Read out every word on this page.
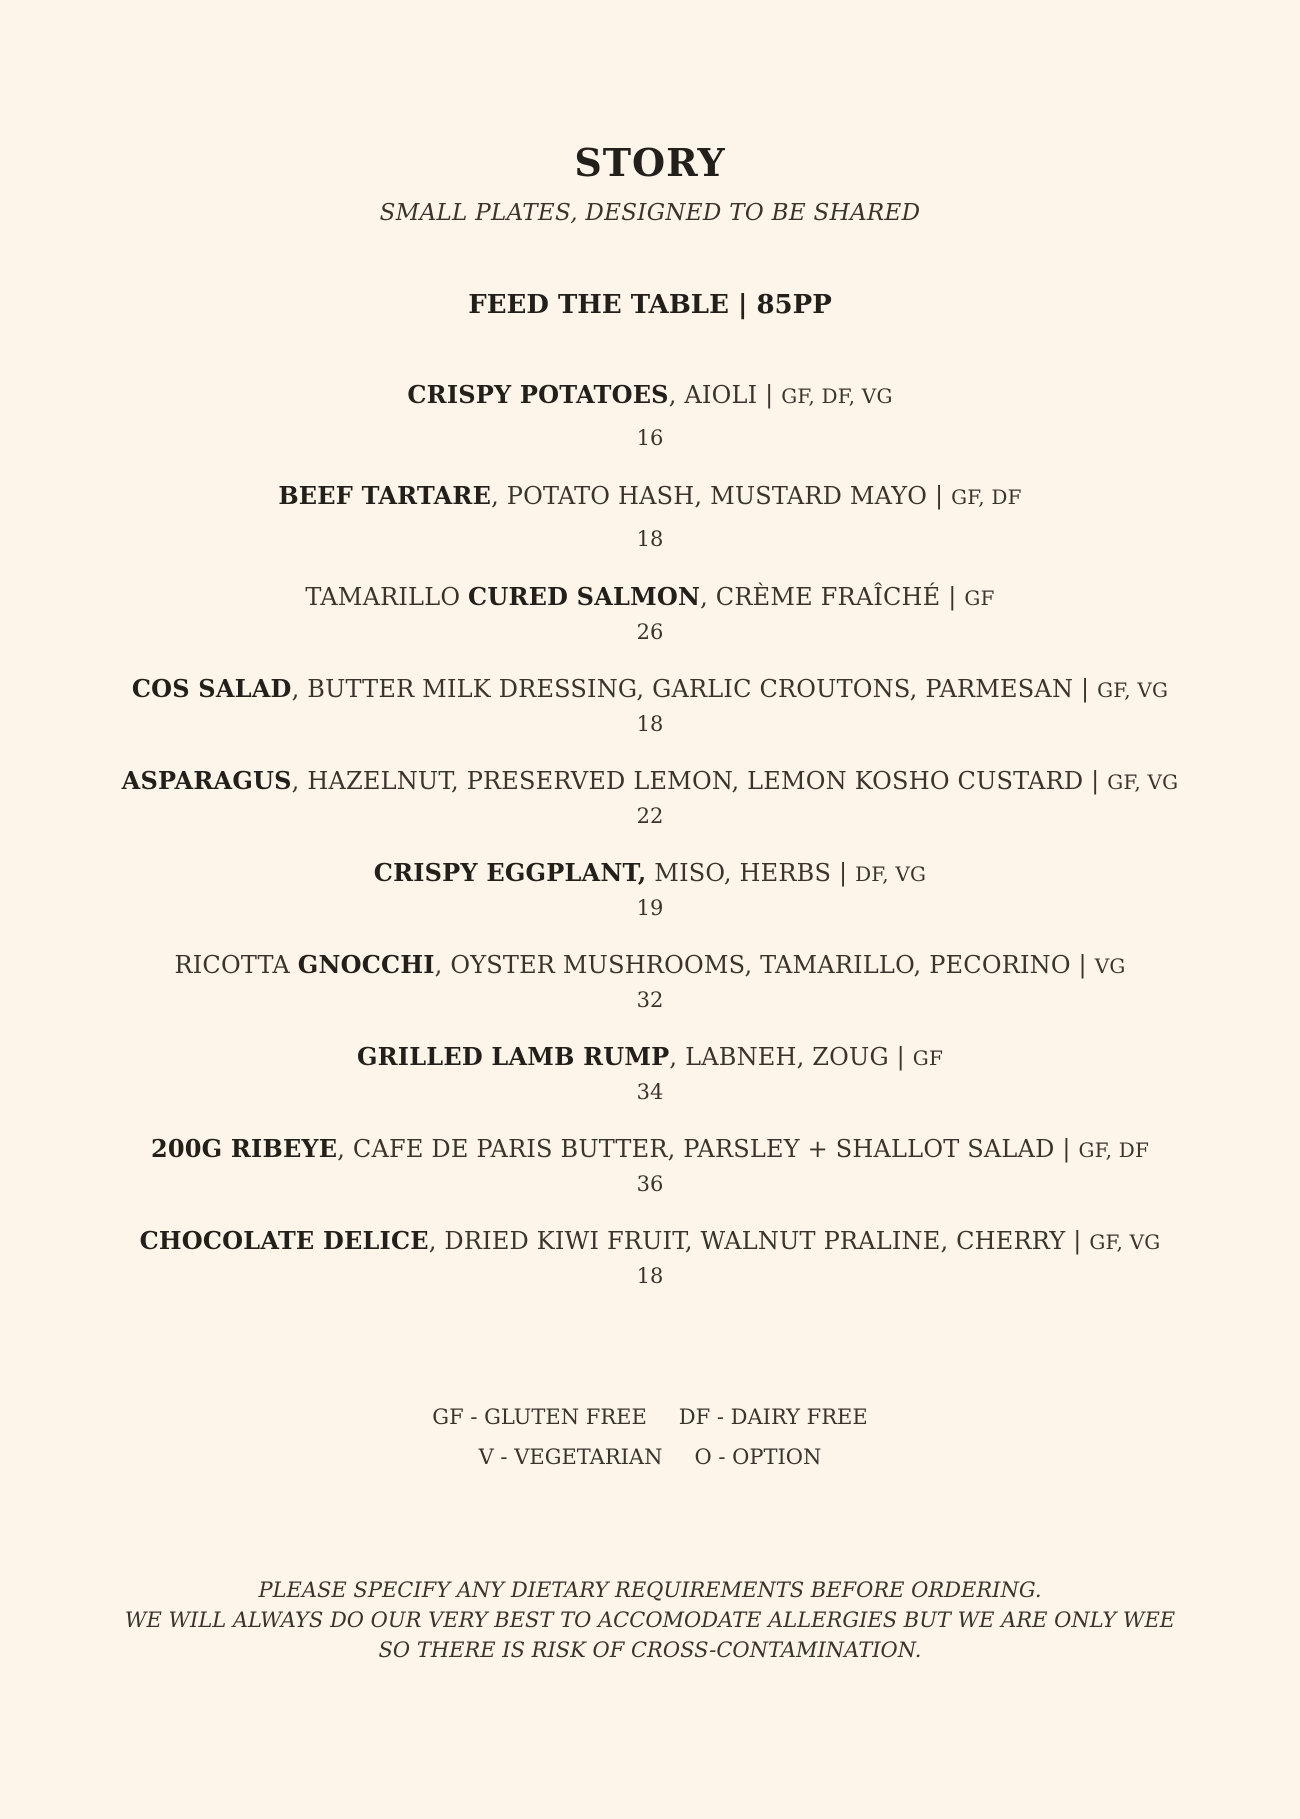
STORY
SMALL PLATES, DESIGNED TO BE SHARED
FEED THE TABLE | 85PP
CRISPY POTATOES, AIOLI | GF, DF, VG
16
BEEF TARTARE, POTATO HASH, MUSTARD MAYO | GF, DF
18
TAMARILLO CURED SALMON, CRÈME FRAÎCHÉ | GF
26
COS SALAD, BUTTER MILK DRESSING, GARLIC CROUTONS, PARMESAN | GF, VG
18
ASPARAGUS, HAZELNUT, PRESERVED LEMON, LEMON KOSHO CUSTARD | GF, VG
22
CRISPY EGGPLANT, MISO, HERBS | DF, VG
19
RICOTTA GNOCCHI, OYSTER MUSHROOMS, TAMARILLO, PECORINO | VG
32
GRILLED LAMB RUMP, LABNEH, ZOUG | GF
34
200G RIBEYE, CAFE DE PARIS BUTTER, PARSLEY + SHALLOT SALAD | GF, DF
36
CHOCOLATE DELICE, DRIED KIWI FRUIT, WALNUT PRALINE, CHERRY | GF, VG
18
GF - GLUTEN FREE DF - DAIRY FREE
V - VEGETARIAN O - OPTION
PLEASE SPECIFY ANY DIETARY REQUIREMENTS BEFORE ORDERING.
WE WILL ALWAYS DO OUR VERY BEST TO ACCOMODATE ALLERGIES BUT WE ARE ONLY WEE
SO THERE IS RISK OF CROSS-CONTAMINATION.
